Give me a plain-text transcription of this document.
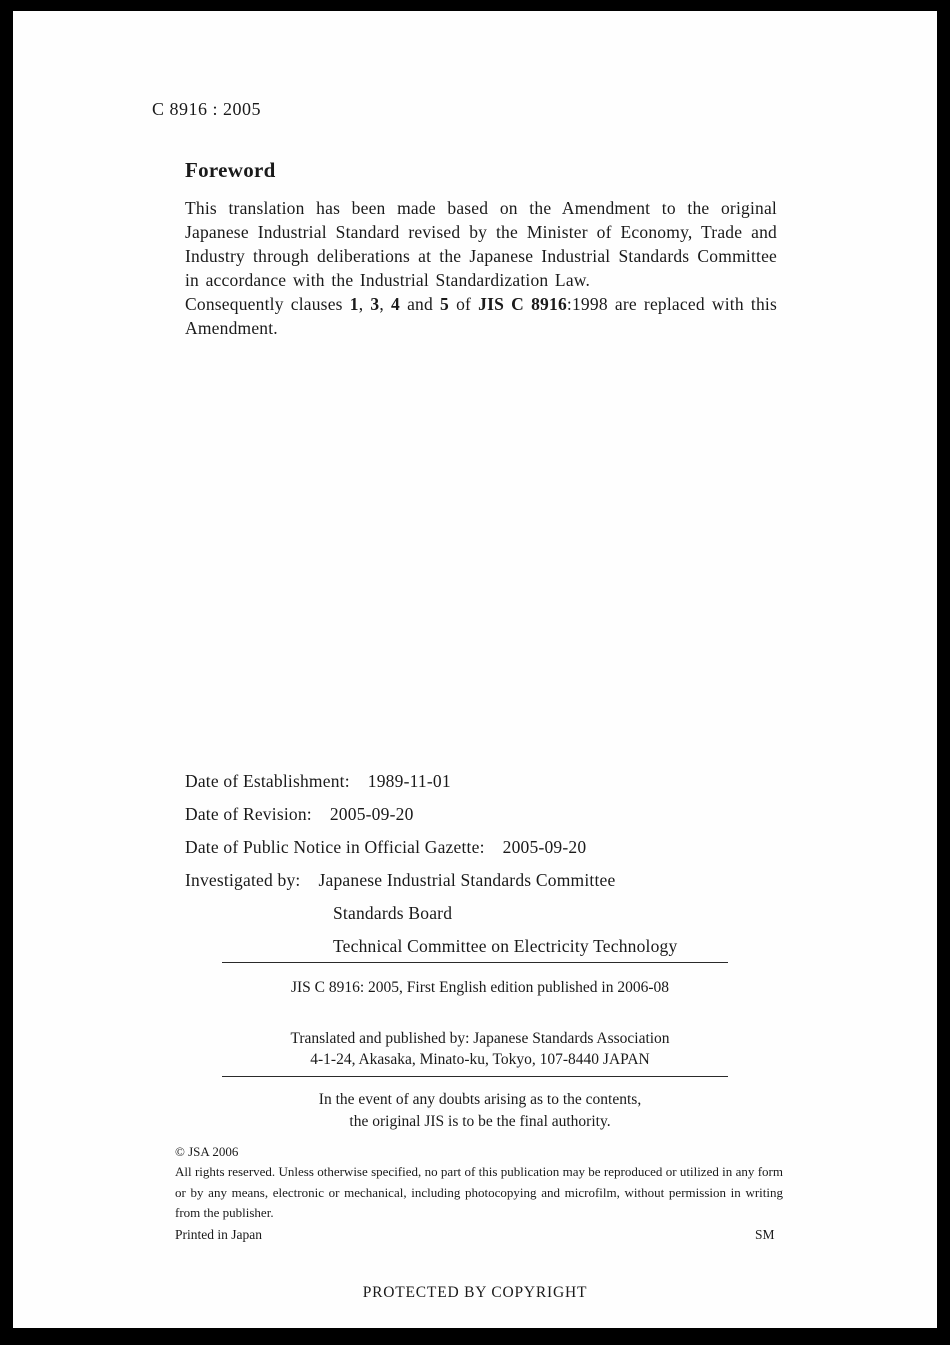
C 8916 : 2005
Foreword

This translation has been made based on the Amendment to the original Japanese Industrial Standard revised by the Minister of Economy, Trade and Industry through deliberations at the Japanese Industrial Standards Committee in accordance with the Industrial Standardization Law.

Consequently clauses 1, 3, 4 and 5 of JIS C 8916:1998 are replaced with this Amendment.

Date of Establishment: 1989-11-01
Date of Revision: 2005-09-20
Date of Public Notice in Official Gazette: 2005-09-20
Investigated by: Japanese Industrial Standards Committee
Standards Board
Technical Committee on Electricity Technology
JIS C 8916: 2005, First English edition published in 2006-08
Translated and published by: Japanese Standards Association
4-1-24, Akasaka, Minato-ku, Tokyo, 107-8440 JAPAN
In the event of any doubts arising as to the contents,
the original JIS is to be the final authority.
© JSA 2006
All rights reserved. Unless otherwise specified, no part of this publication may be reproduced or utilized in any form or by any means, electronic or mechanical, including photocopying and microfilm, without permission in writing from the publisher.
Printed in Japan	SM
PROTECTED BY COPYRIGHT
